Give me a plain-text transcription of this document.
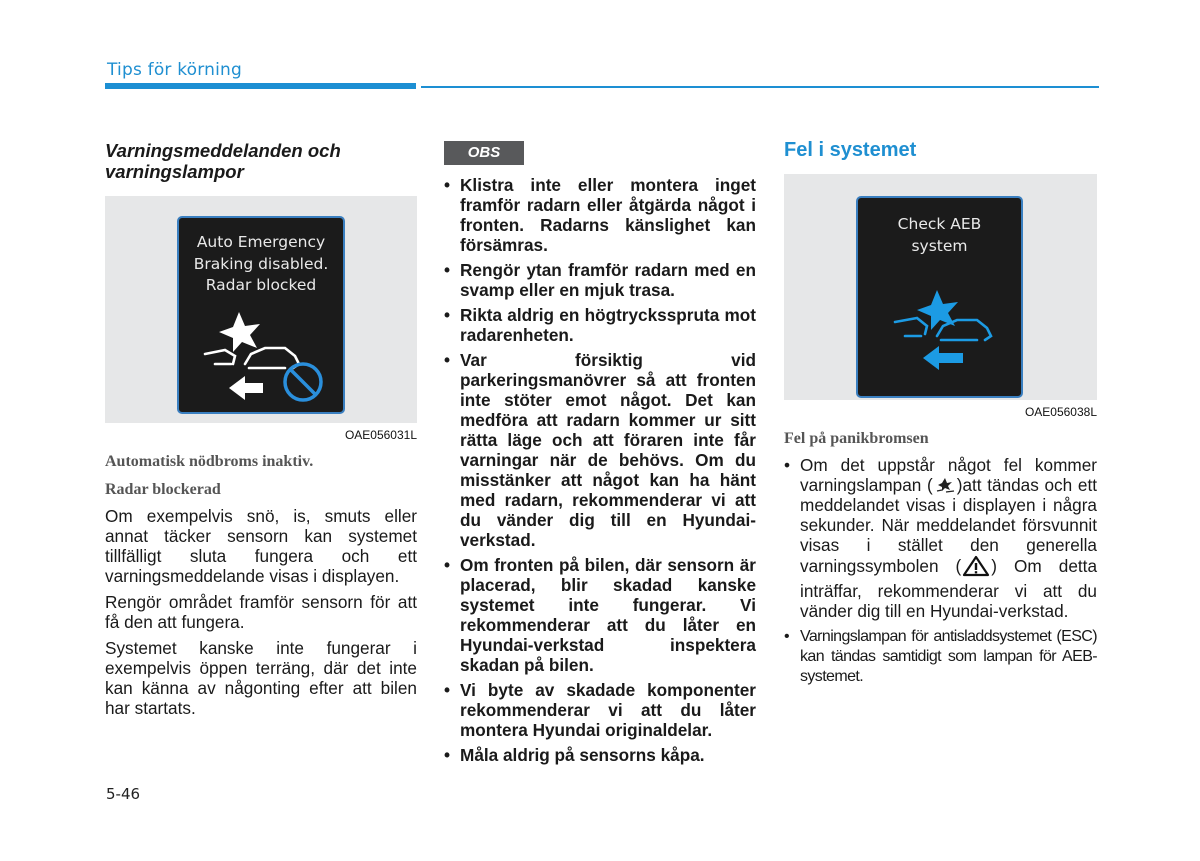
Tips för körning
Varningsmeddelanden och varningslampor
Auto Emergency
Braking disabled.
Radar blocked
OAE056031L
Automatisk nödbroms inaktiv.
Radar blockerad

Om exempelvis snö, is, smuts eller annat täcker sensorn kan systemet tillfälligt sluta fungera och ett varningsmeddelande visas i displayen.

Rengör området framför sensorn för att få den att fungera.

Systemet kanske inte fungerar i exempelvis öppen terräng, där det inte kan känna av någonting efter att bilen har startats.

OBS
• Klistra inte eller montera inget framför radarn eller åtgärda något i fronten. Radarns känslighet kan försämras.
• Rengör ytan framför radarn med en svamp eller en mjuk trasa.
• Rikta aldrig en högtrycksspruta mot radarenheten.
• Var försiktig vid parkeringsmanövrer så att fronten inte stöter emot något. Det kan medföra att radarn kommer ur sitt rätta läge och att föraren inte får varningar när de behövs. Om du misstänker att något kan ha hänt med radarn, rekommenderar vi att du vänder dig till en Hyundai-verkstad.
• Om fronten på bilen, där sensorn är placerad, blir skadad kanske systemet inte fungerar. Vi rekommenderar att du låter en Hyundai-verkstad inspektera skadan på bilen.
• Vi byte av skadade komponenter rekommenderar vi att du låter montera Hyundai originaldelar.
• Måla aldrig på sensorns kåpa.
Fel i systemet
Check AEB
system
OAE056038L
Fel på panikbromsen
• Om det uppstår något fel kommer varningslampan ( )att tändas och ett meddelandet visas i displayen i några sekunder. När meddelandet försvunnit visas i stället den generella varningssymbolen ( ) Om detta inträffar, rekommenderar vi att du vänder dig till en Hyundai-verkstad.
• Varningslampan för antisladdsystemet (ESC) kan tändas samtidigt som lampan för AEB-systemet.
5-46
